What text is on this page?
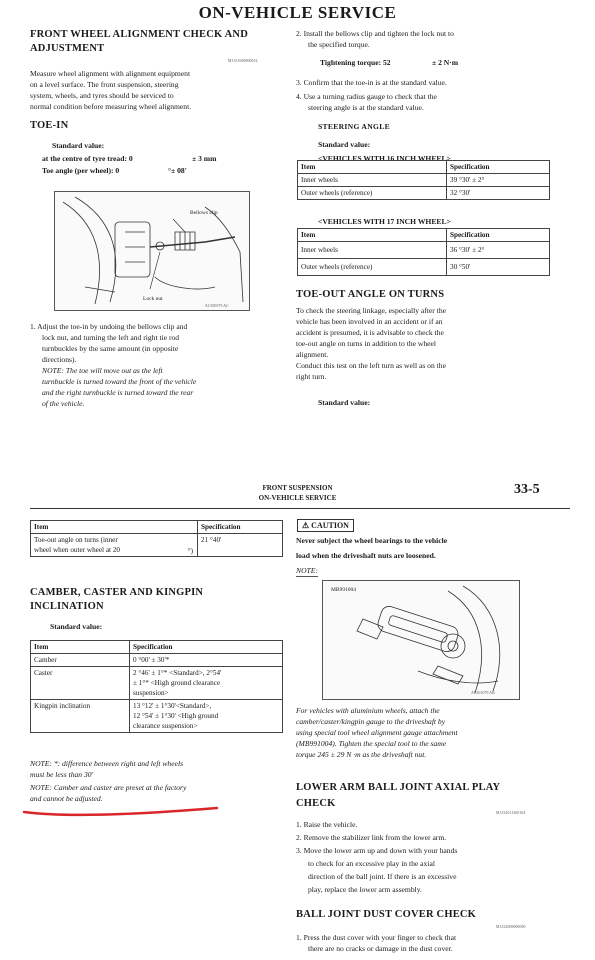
ON-VEHICLE SERVICE
FRONT WHEEL ALIGNMENT CHECK AND
ADJUSTMENT
M1331006900052
Measure wheel alignment with alignment equipment
on a level surface. The front suspension, steering
system, wheels, and tyres should be serviced to
normal condition before measuring wheel alignment.
TOE-IN
Standard value:
at the centre of tyre tread: 0	± 3 mm
Toe angle (per wheel): 0	°± 08'
Bellows clip
Lock nut
AC300379 AC
1. Adjust the toe-in by undoing the bellows clip and
lock nut, and turning the left and right tie rod
turnbuckles by the same amount (in opposite
directions).
NOTE: The toe will move out as the left
turnbuckle is turned toward the front of the vehicle
and the right turnbuckle is turned toward the rear
of the vehicle.
2. Install the bellows clip and tighten the lock nut to
the specified torque.
Tightening torque: 52	± 2 N·m
3. Confirm that the toe-in is at the standard value.
4. Use a turning radius gauge to check that the
steering angle is at the standard value.
STEERING ANGLE
Standard value:
<VEHICLES WITH 16 INCH WHEEL>
Item	Specification
Inner wheels	39 °30' ± 2°
Outer wheels (reference)	32 °30'
<VEHICLES WITH 17 INCH WHEEL>
Item	Specification
Inner wheels	36 °30' ± 2°
Outer wheels (reference)	30 °50'
TOE-OUT ANGLE ON TURNS
To check the steering linkage, especially after the
vehicle has been involved in an accident or if an
accident is presumed, it is advisable to check the
toe-out angle on turns in addition to the wheel
alignment.
Conduct this test on the left turn as well as on the
right turn.
Standard value:
FRONT SUSPENSION
ON-VEHICLE SERVICE
33-5
Item	Specification

Toe-out angle on turns (inner
wheel when outer wheel at 20 °)	21 °40'
CAMBER, CASTER AND KINGPIN
INCLINATION
Standard value:
Item	Specification
Camber	0 °00' ± 30'*
Caster	2 °46' ± 1°* <Standard>, 2°54'
± 1°* <High ground clearance
suspension>

Kingpin inclination	13 °12' ± 1°30'<Standard>,
12 °54' ± 1°30' <High ground
clearance suspension>
NOTE: *: difference between right and left wheels
must be less than 30'
NOTE: Camber and caster are preset at the factory
and cannot be adjusted.
⚠ CAUTION
Never subject the wheel bearings to the vehicle
load when the driveshaft nuts are loosened.
NOTE:
MB991004
AC301079 AB
For vehicles with aluminium wheels, attach the
camber/caster/kingpin gauge to the driveshaft by
using special tool wheel alignment gauge attachment
(MB991004). Tighten the special tool to the same
torque 245 ± 29 N ·m as the driveshaft nut.
LOWER ARM BALL JOINT AXIAL PLAY
CHECK
M1332011300104
1. Raise the vehicle.
2. Remove the stabilizer link from the lower arm.
3. Move the lower arm up and down with your hands
to check for an excessive play in the axial
direction of the ball joint. If there is an excessive
play, replace the lower arm assembly.
BALL JOINT DUST COVER CHECK
M1332006900090
1. Press the dust cover with your finger to check that
there are no cracks or damage in the dust cover.
